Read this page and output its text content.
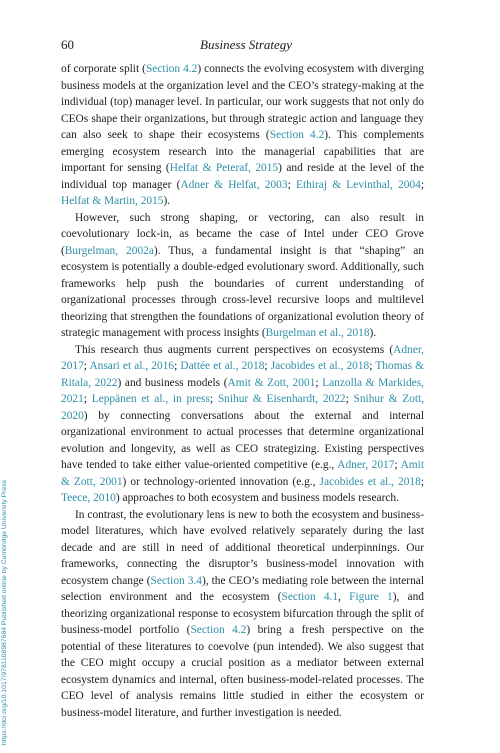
60	Business Strategy

of corporate split (Section 4.2) connects the evolving ecosystem with diverging business models at the organization level and the CEO’s strategy-making at the individual (top) manager level. In particular, our work suggests that not only do CEOs shape their organizations, but through strategic action and language they can also seek to shape their ecosystems (Section 4.2). This complements emerging ecosystem research into the managerial capabilities that are important for sensing (Helfat & Peteraf, 2015) and reside at the level of the individual top manager (Adner & Helfat, 2003; Ethiraj & Levinthal, 2004; Helfat & Martin, 2015).

However, such strong shaping, or vectoring, can also result in coevolutionary lock-in, as became the case of Intel under CEO Grove (Burgelman, 2002a). Thus, a fundamental insight is that “shaping” an ecosystem is potentially a double-edged evolutionary sword. Additionally, such frameworks help push the boundaries of current understanding of organizational processes through cross-level recursive loops and multilevel theorizing that strengthen the foundations of organizational evolution theory of strategic management with process insights (Burgelman et al., 2018).

This research thus augments current perspectives on ecosystems (Adner, 2017; Ansari et al., 2016; Dattée et al., 2018; Jacobides et al., 2018; Thomas & Ritala, 2022) and business models (Amit & Zott, 2001; Lanzolla & Markides, 2021; Leppänen et al., in press; Snihur & Eisenhardt, 2022; Snihur & Zott, 2020) by connecting conversations about the external and internal organizational environment to actual processes that determine organizational evolution and longevity, as well as CEO strategizing. Existing perspectives have tended to take either value-oriented competitive (e.g., Adner, 2017; Amit & Zott, 2001) or technology-oriented innovation (e.g., Jacobides et al., 2018; Teece, 2010) approaches to both ecosystem and business models research.

In contrast, the evolutionary lens is new to both the ecosystem and business-model literatures, which have evolved relatively separately during the last decade and are still in need of additional theoretical underpinnings. Our frameworks, connecting the disruptor’s business-model innovation with ecosystem change (Section 3.4), the CEO’s mediating role between the internal selection environment and the ecosystem (Section 4.1, Figure 1), and theorizing organizational response to ecosystem bifurcation through the split of business-model portfolio (Section 4.2) bring a fresh perspective on the potential of these literatures to coevolve (pun intended). We also suggest that the CEO might occupy a crucial position as a mediator between external ecosystem dynamics and internal, often business-model-related processes. The CEO level of analysis remains little studied in either the ecosystem or business-model literature, and further investigation is needed.

https://doi.org/10.1017/9781108987684 Published online by Cambridge University Press
